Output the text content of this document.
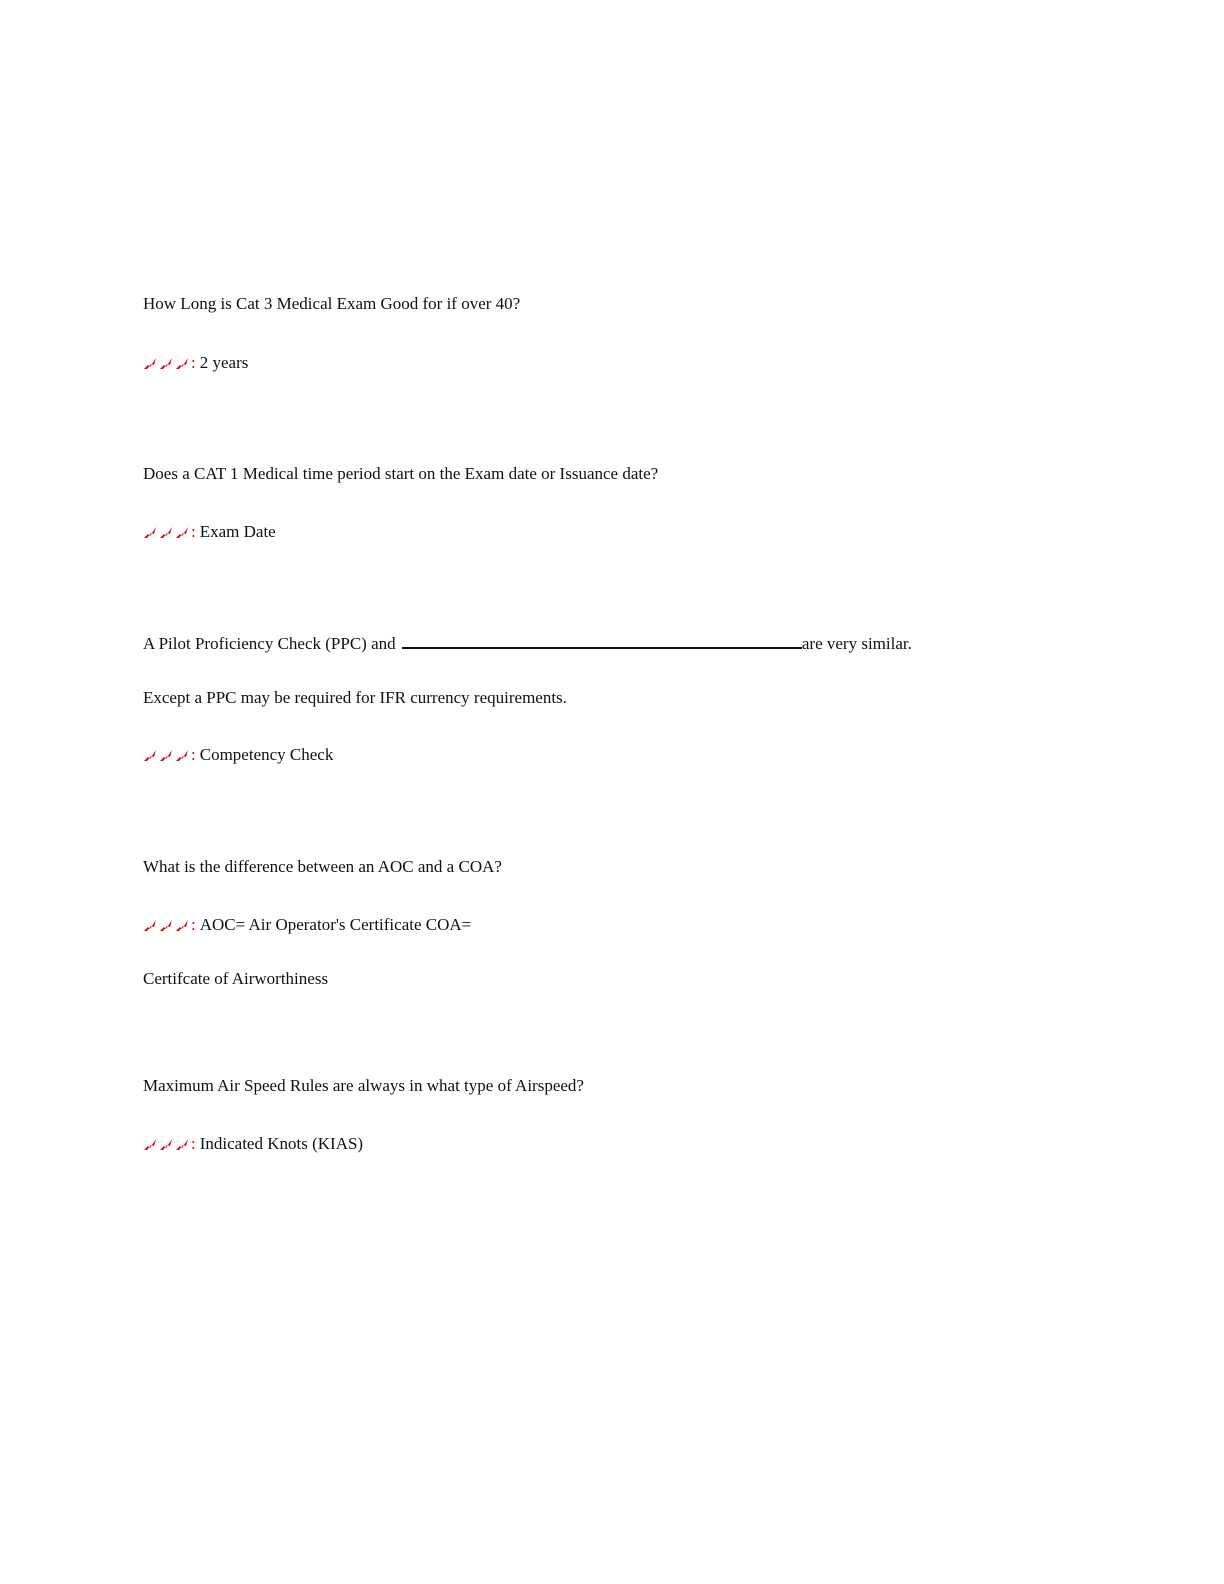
How Long is Cat 3 Medical Exam Good for if over 40?
: 2 years
Does a CAT 1 Medical time period start on the Exam date or Issuance date?
: Exam Date
A Pilot Proficiency Check (PPC) and	are very similar.
Except a PPC may be required for IFR currency requirements.
: Competency Check
What is the difference between an AOC and a COA?
: AOC= Air Operator's Certificate COA=
Certifcate of Airworthiness
Maximum Air Speed Rules are always in what type of Airspeed?
: Indicated Knots (KIAS)
